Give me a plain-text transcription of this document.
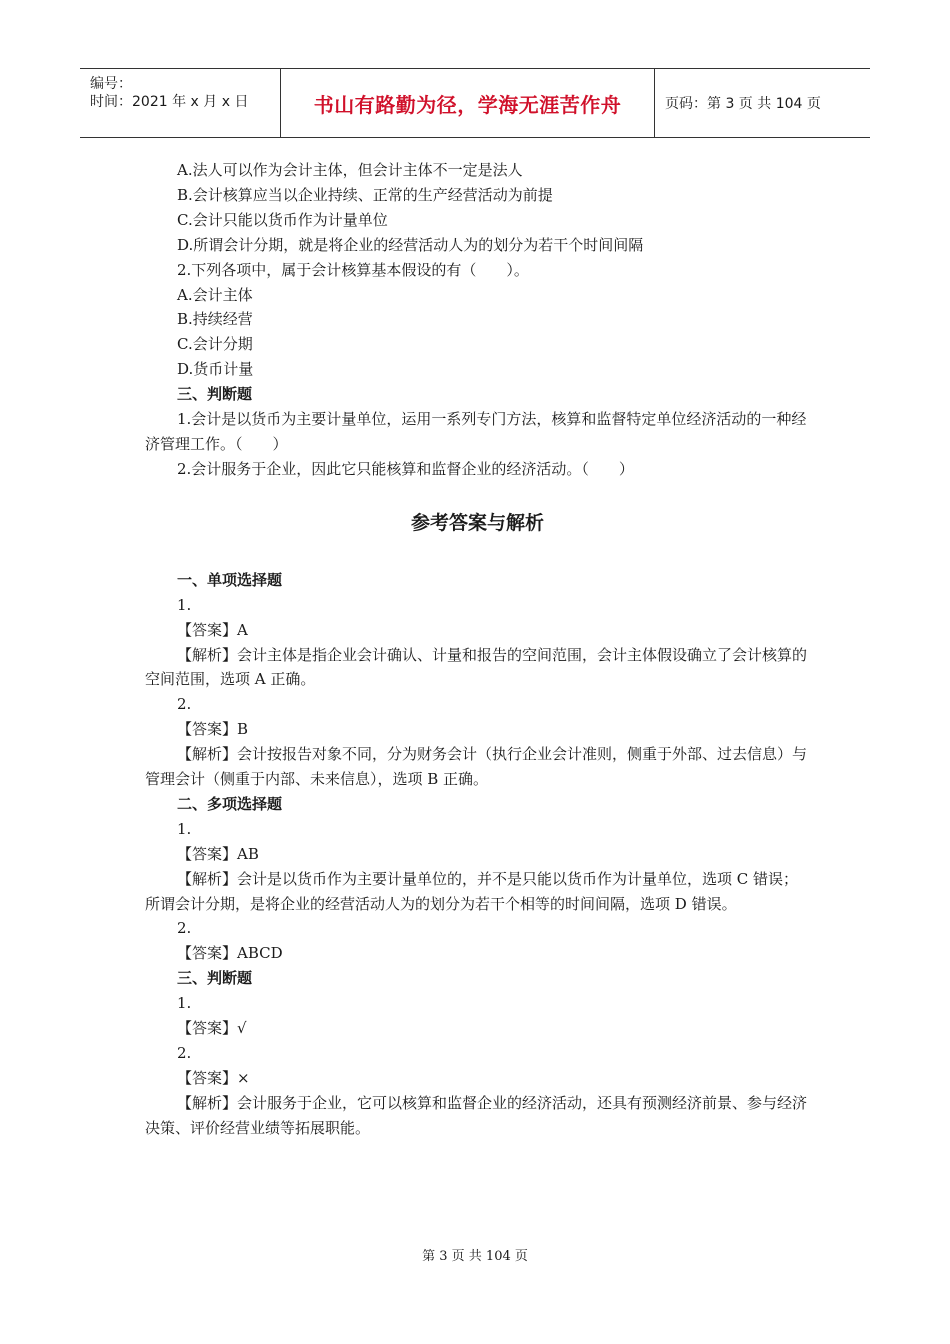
编号：
时间：2021 年 x 月 x 日	书山有路勤为径，学海无涯苦作舟	页码：第 3 页 共 104 页

A.法人可以作为会计主体，但会计主体不一定是法人

B.会计核算应当以企业持续、正常的生产经营活动为前提

C.会计只能以货币作为计量单位

D.所谓会计分期，就是将企业的经营活动人为的划分为若干个时间间隔

2.下列各项中，属于会计核算基本假设的有（　　）。

A.会计主体

B.持续经营

C.会计分期

D.货币计量

三、判断题

1.会计是以货币为主要计量单位，运用一系列专门方法，核算和监督特定单位经济活动的一种经济管理工作。（　　）

2.会计服务于企业，因此它只能核算和监督企业的经济活动。（　　）

参考答案与解析

一、单项选择题

1.

【答案】A

【解析】会计主体是指企业会计确认、计量和报告的空间范围，会计主体假设确立了会计核算的空间范围，选项 A 正确。

2.

【答案】B

【解析】会计按报告对象不同，分为财务会计（执行企业会计准则，侧重于外部、过去信息）与管理会计（侧重于内部、未来信息），选项 B 正确。

二、多项选择题

1.

【答案】AB

【解析】会计是以货币作为主要计量单位的，并不是只能以货币作为计量单位，选项 C 错误；所谓会计分期，是将企业的经营活动人为的划分为若干个相等的时间间隔，选项 D 错误。

2.

【答案】ABCD

三、判断题

1.

【答案】√

2.

【答案】×

【解析】会计服务于企业，它可以核算和监督企业的经济活动，还具有预测经济前景、参与经济决策、评价经营业绩等拓展职能。

第 3 页 共 104 页
